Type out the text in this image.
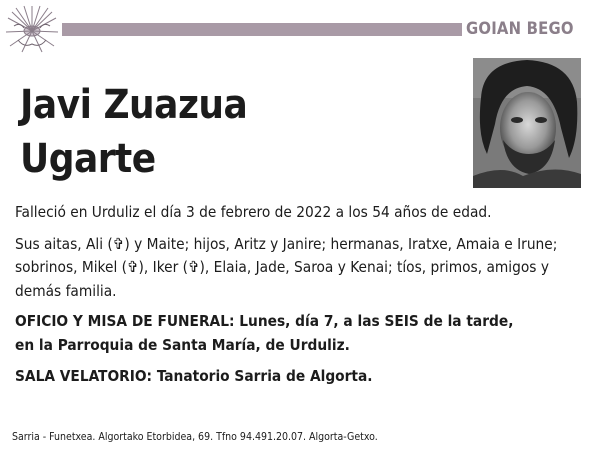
GOIAN BEGO
Javi Zuazua
Ugarte

Falleció en Urduliz el día 3 de febrero de 2022 a los 54 años de edad.

Sus aitas, Ali (✞) y Maite; hijos, Aritz y Janire; hermanas, Iratxe, Amaia e Irune; sobrinos, Mikel (✞), Iker (✞), Elaia, Jade, Saroa y Kenai; tíos, primos, amigos y demás familia.

OFICIO Y MISA DE FUNERAL: Lunes, día 7, a las SEIS de la tarde,
en la Parroquia de Santa María, de Urduliz.

SALA VELATORIO: Tanatorio Sarria de Algorta.

Sarria - Funetxea. Algortako Etorbidea, 69. Tfno 94.491.20.07. Algorta-Getxo.
